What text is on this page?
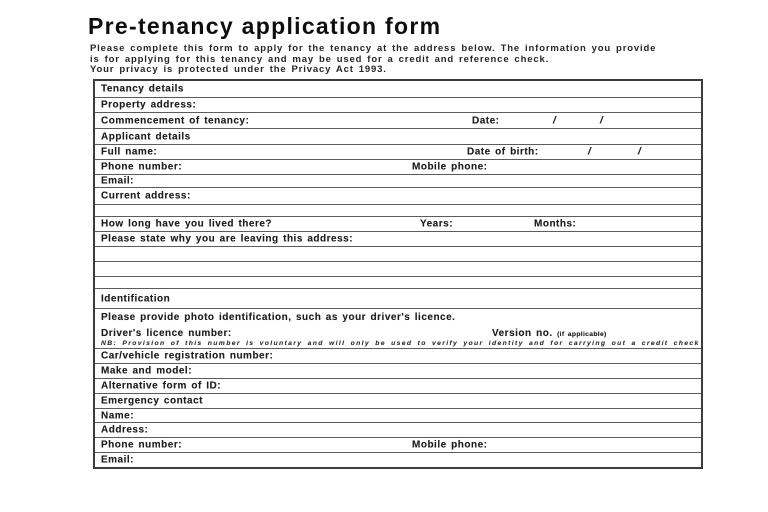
Pre-tenancy application form
Please complete this form to apply for the tenancy at the address below. The information you provide
is for applying for this tenancy and may be used for a credit and reference check.
Your privacy is protected under the Privacy Act 1993.
Tenancy details
Property address:
Commencement of tenancy:	Date:	/	/
Applicant details
Full name:	Date of birth:	/	/
Phone number:	Mobile phone:
Email:
Current address:
How long have you lived there?	Years:	Months:
Please state why you are leaving this address:
Identification
Please provide photo identification, such as your driver's licence.
Driver's licence number:	Version no. (if applicable)
NB: Provision of this number is voluntary and will only be used to verify your identity and for carrying out a credit check
Car/vehicle registration number:
Make and model:
Alternative form of ID:
Emergency contact
Name:
Address:
Phone number:	Mobile phone:
Email:
